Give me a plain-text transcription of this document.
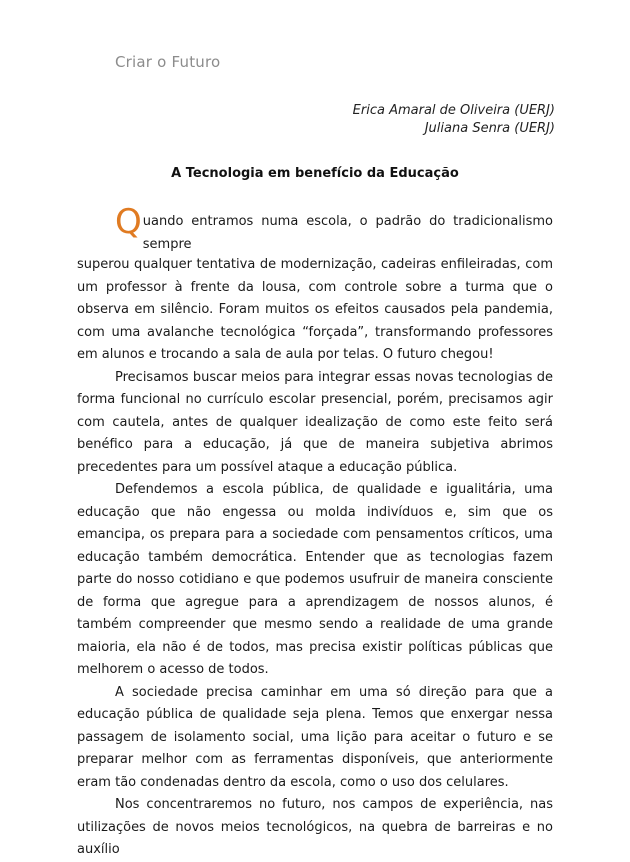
Criar o Futuro
Erica Amaral de Oliveira (UERJ)
Juliana Senra (UERJ)
A Tecnologia em benefício da Educação

Quando entramos numa escola, o padrão do tradicionalismo sempre
superou qualquer tentativa de modernização, cadeiras enfileiradas, com um professor à frente da lousa, com controle sobre a turma que o observa em silêncio. Foram muitos os efeitos causados pela pandemia, com uma avalanche tecnológica “forçada”, transformando professores em alunos e trocando a sala de aula por telas. O futuro chegou!

Precisamos buscar meios para integrar essas novas tecnologias de forma funcional no currículo escolar presencial, porém, precisamos agir com cautela, antes de qualquer idealização de como este feito será benéfico para a educação, já que de maneira subjetiva abrimos precedentes para um possível ataque a educação pública.

Defendemos a escola pública, de qualidade e igualitária, uma educação que não engessa ou molda indivíduos e, sim que os emancipa, os prepara para a sociedade com pensamentos críticos, uma educação também democrática. Entender que as tecnologias fazem parte do nosso cotidiano e que podemos usufruir de maneira consciente de forma que agregue para a aprendizagem de nossos alunos, é também compreender que mesmo sendo a realidade de uma grande maioria, ela não é de todos, mas precisa existir políticas públicas que melhorem o acesso de todos.

A sociedade precisa caminhar em uma só direção para que a educação pública de qualidade seja plena. Temos que enxergar nessa passagem de isolamento social, uma lição para aceitar o futuro e se preparar melhor com as ferramentas disponíveis, que anteriormente eram tão condenadas dentro da escola, como o uso dos celulares.

Nos concentraremos no futuro, nos campos de experiência, nas utilizações de novos meios tecnológicos, na quebra de barreiras e no auxílio
